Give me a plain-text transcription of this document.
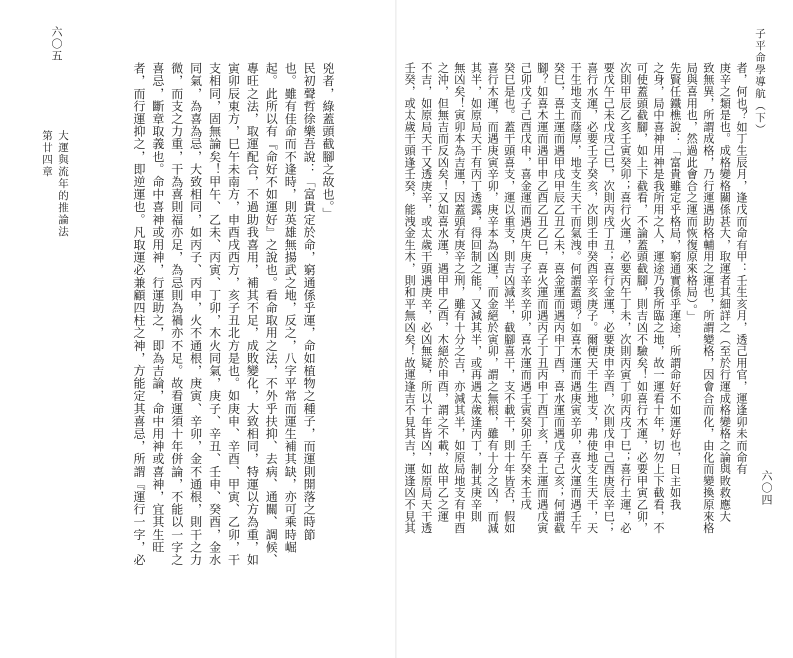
第廿四章 大運與流年的推論法
六〇五
兇者，綠蓋頭截腳之故也。」
民初聲哲徐樂吾說：「富貴定於命，窮通係乎運，命如植物之種子，而運則開落之時節
也。雖有佳命而不逢時，則英雄無揚武之地，反之，八字平常而運生補其缺，亦可乘時崛
起。此所以有『命好不如運好』之說也。看命取用之法，不外乎扶抑、去病、通關、調候、
專旺之法，取運配合，不過助我喜用，補其不足，成敗變化，大致相同，特運以方為重，如
寅卯辰東方，巳午未南方，申酉戌西方，亥子丑北方是也。如庚申、辛酉、甲寅、乙卯，干
支相同，固無論矣！甲午、乙未、丙寅、丁卯，木火同氣，庚子、辛丑、壬申、癸酉，金水
同氣，為喜為忌，大致相同，如丙子、丙申，火不通根，庚寅、辛卯，金不通根，則干之力
微，而支之力重，干為喜則福亦足，為忌則為禍亦不足。故看運須十年併論，不能以一字之
喜忌，斷章取義也。命中喜神或用神，行運助之，即為吉論，命中用神或喜神，宜其生旺
者，而行運抑之，即逆運也。凡取運必兼顧四柱之神，方能定其喜忌，所謂『運行一字，必	者，何也？如丁生辰月，逢戊而命有甲：壬生亥月，透己用官，運逢卯未而命有
庚辛之類是也。成格變格關係甚大，取運者其細詳之（至於行運成格變格之論與敗救應大
致無異，所謂成格，乃行運遇助格輔用之運也，所謂變格，因會合而化，由化而變換原來格
局與喜用也，然過此會合之運而恢復原來格局）。」
先賢任鐵樵說：「富貴雖定乎格局，窮通實係乎運途，所謂命好不如運好也，日主如我
之身，局中喜神用神是我所用之人，運途乃我所臨之地，故一運看十年，切勿上下截看，不
可使蓋頭截腳，如上下截看，不論蓋頭截腳，則吉凶不驗矣！如喜行木運，必要甲寅乙卯，
次則甲辰乙亥壬寅癸卯；喜行火運，必要丙午丁未，次則丙寅丁卯丙戌丁巳；喜行土運，必
要戊午己未戊戌己巳，次則丙戌丁丑；喜行金運，必要庚申辛酉，次則戊申己酉庚辰辛巳；
喜行水運，必要壬子癸亥，次則壬申癸酉辛亥庚子。爾便天干生地支，弗使地支生天干，天
干生地支而蔭厚，地支生天干而氣洩。何謂蓋頭？如喜木運而遇庚寅辛卯，喜火運而遇壬午
癸巳，喜土運而遇甲戌甲辰乙丑乙未，喜金運而遇丙申丁酉，喜水運而遇戊子己亥；何謂截
腳？如喜木運而遇甲申乙酉乙丑乙巳，喜火運而遇丙子丁丑丙申丁酉丁亥，喜土運而遇戊寅
己卯戊子己酉戊申，喜金運而遇庚午庚子辛亥辛卯，喜水運而遇壬寅癸卯壬午癸未壬戌
癸巳是也。蓋干頭喜支，運以重支，則吉凶減半，截腳喜干，支不載干，則十年皆否，假如
喜行木運，而遇庚寅辛卯，庚辛本為凶運，而金絕於寅卯，謂之無根，雖有十分之凶，而減
其半，如原局天干有丙丁透露，得回制之能，又減其半，或再遇太歲逢丙丁，制其庚辛則
無凶矣！寅卯本為吉運，因蓋頭有庚辛之刑，雖有十分之吉，亦減其半，如原局地支有申酉
之沖，但無吉而反凶矣！又如喜水運，遇甲申乙酉，木絕於申酉，謂之不載，故甲乙之運
不吉，如原局天干又透庚辛，或太歲干頭遇庚辛，必凶無疑，所以十年皆凶，如原局天干透
壬癸，或太歲干頭逢壬癸，能洩金生木，則和平無凶矣！故運逢吉不見其吉，運逢凶不見其	子平命學導航（下）
六〇四
